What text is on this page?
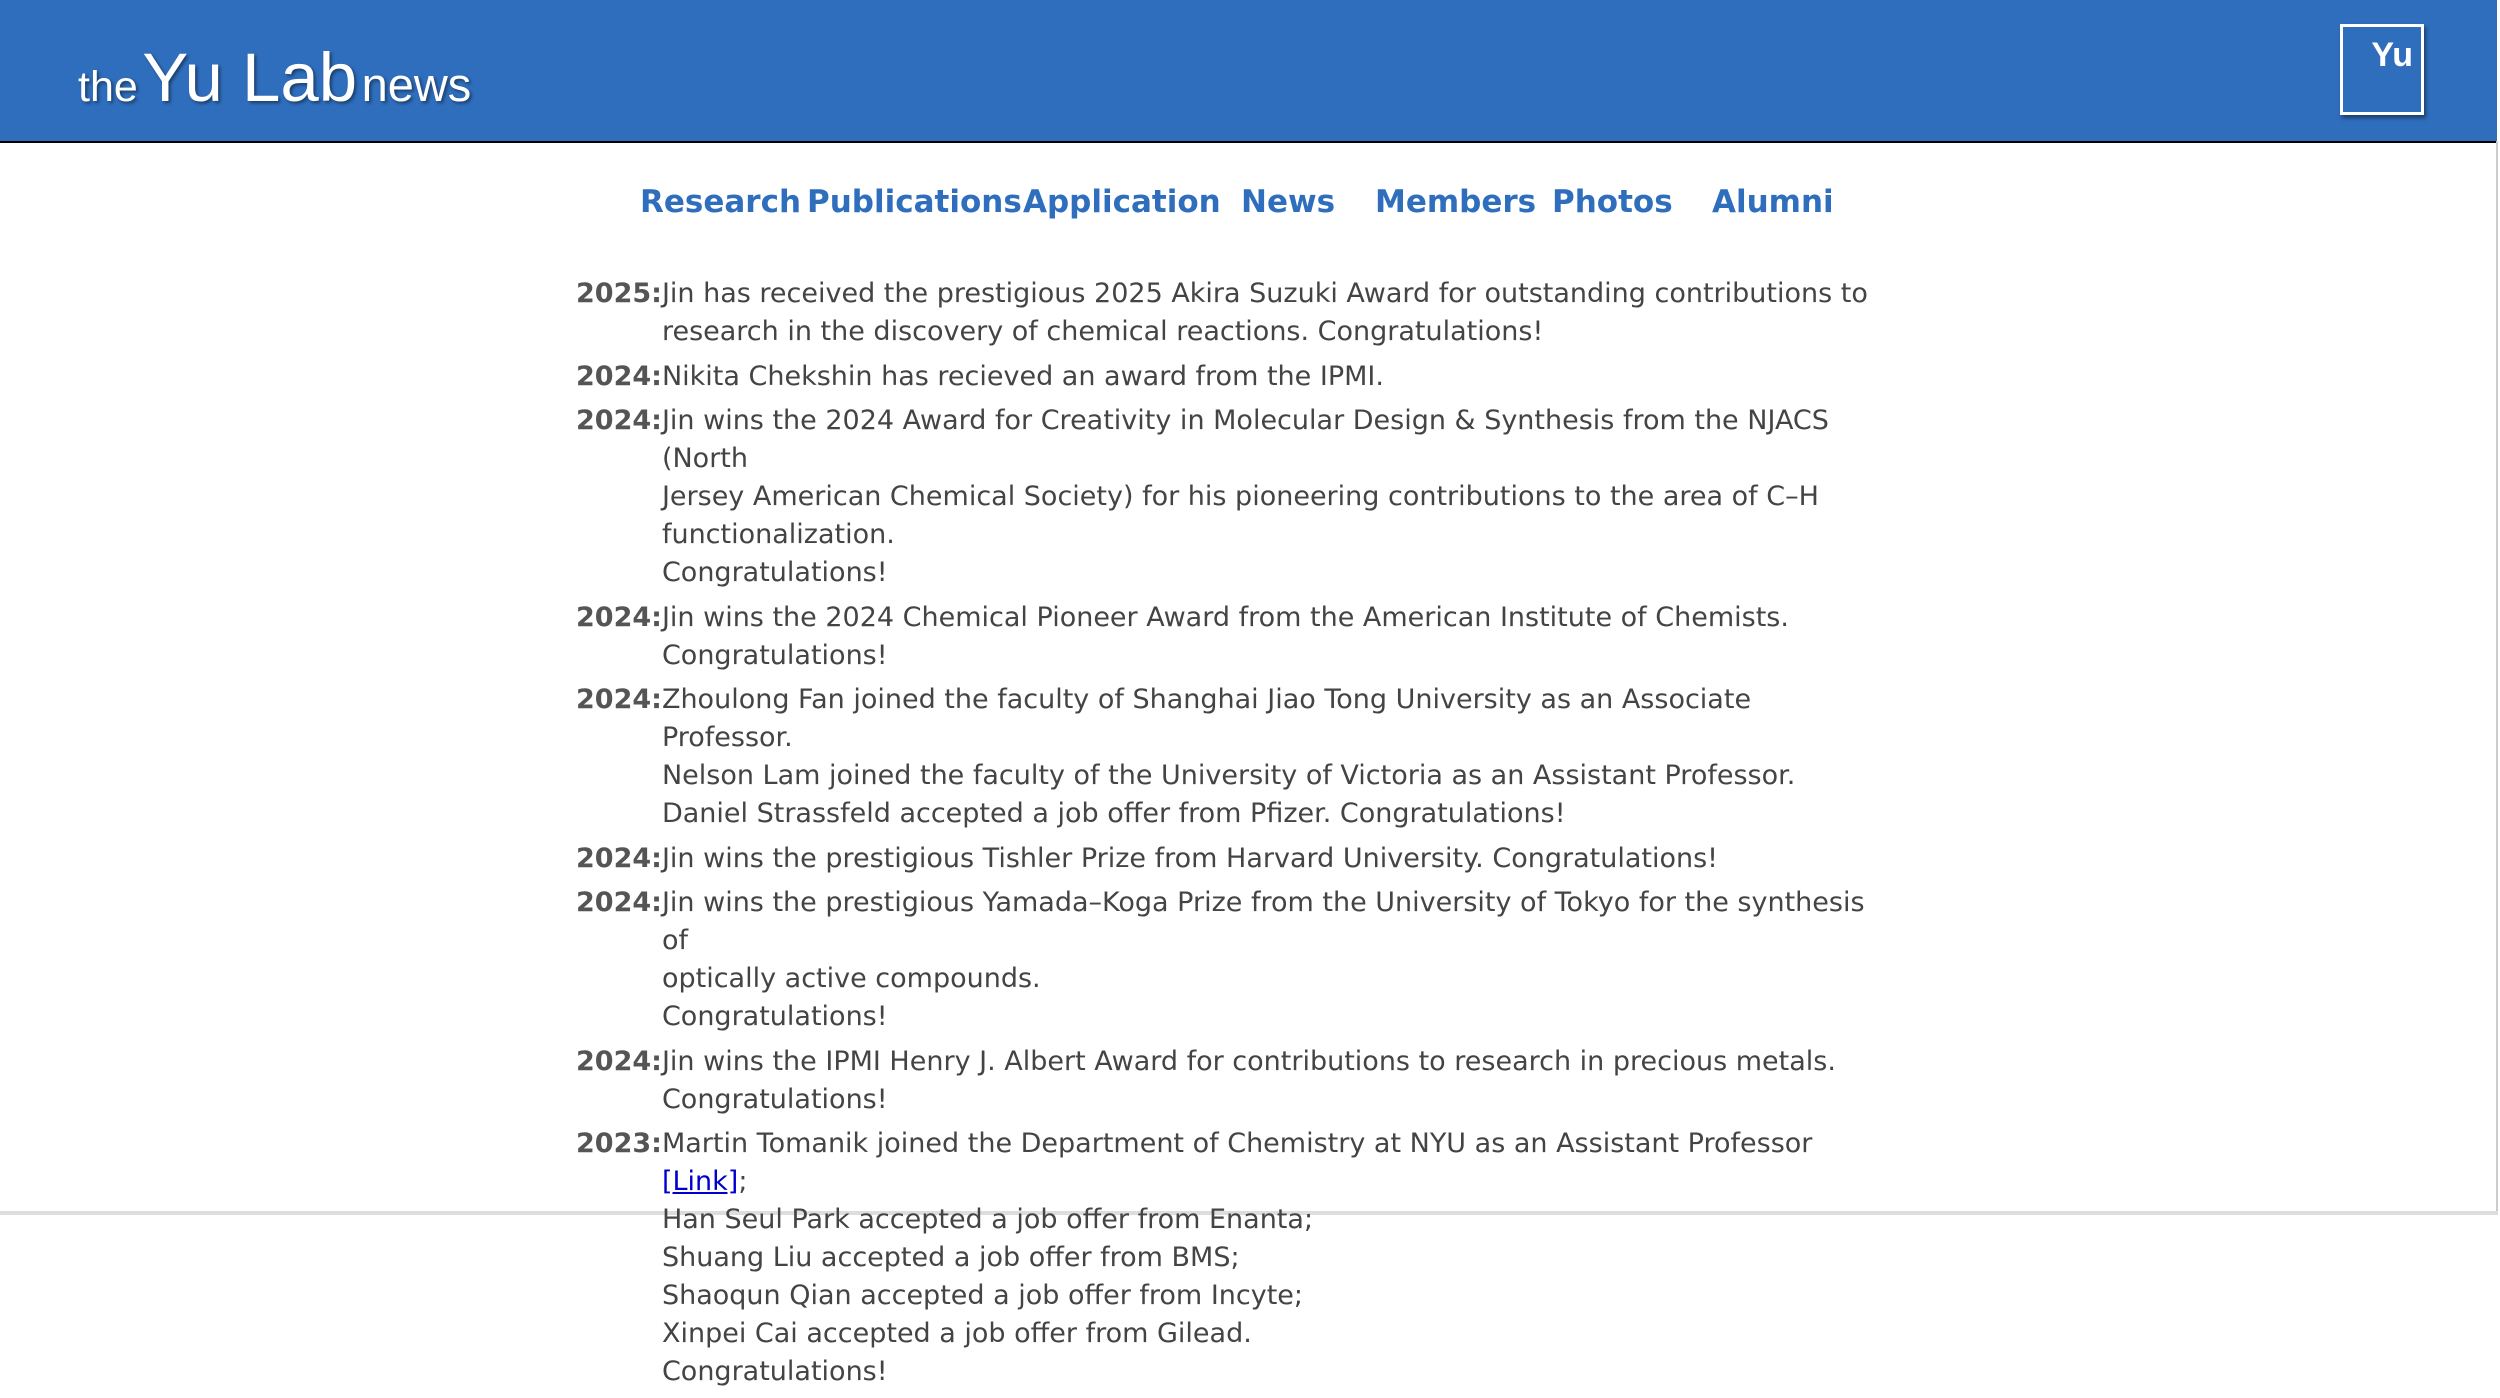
the Yu Lab news
Yu
Research Publications Application News Members Photos Alumni
2025: Jin has received the prestigious 2025 Akira Suzuki Award for outstanding contributions to
research in the discovery of chemical reactions. Congratulations!
2024: Nikita Chekshin has recieved an award from the IPMI.
2024: Jin wins the 2024 Award for Creativity in Molecular Design & Synthesis from the NJACS (North
Jersey American Chemical Society) for his pioneering contributions to the area of C–H
functionalization.
Congratulations!
2024: Jin wins the 2024 Chemical Pioneer Award from the American Institute of Chemists.
Congratulations!
2024: Zhoulong Fan joined the faculty of Shanghai Jiao Tong University as an Associate Professor.
Nelson Lam joined the faculty of the University of Victoria as an Assistant Professor.
Daniel Strassfeld accepted a job offer from Pfizer. Congratulations!
2024: Jin wins the prestigious Tishler Prize from Harvard University. Congratulations!
2024: Jin wins the prestigious Yamada–Koga Prize from the University of Tokyo for the synthesis of
optically active compounds.
Congratulations!
2024: Jin wins the IPMI Henry J. Albert Award for contributions to research in precious metals.
Congratulations!
2023: Martin Tomanik joined the Department of Chemistry at NYU as an Assistant Professor [Link];
Han Seul Park accepted a job offer from Enanta;
Shuang Liu accepted a job offer from BMS;
Shaoqun Qian accepted a job offer from Incyte;
Xinpei Cai accepted a job offer from Gilead.
Congratulations!
